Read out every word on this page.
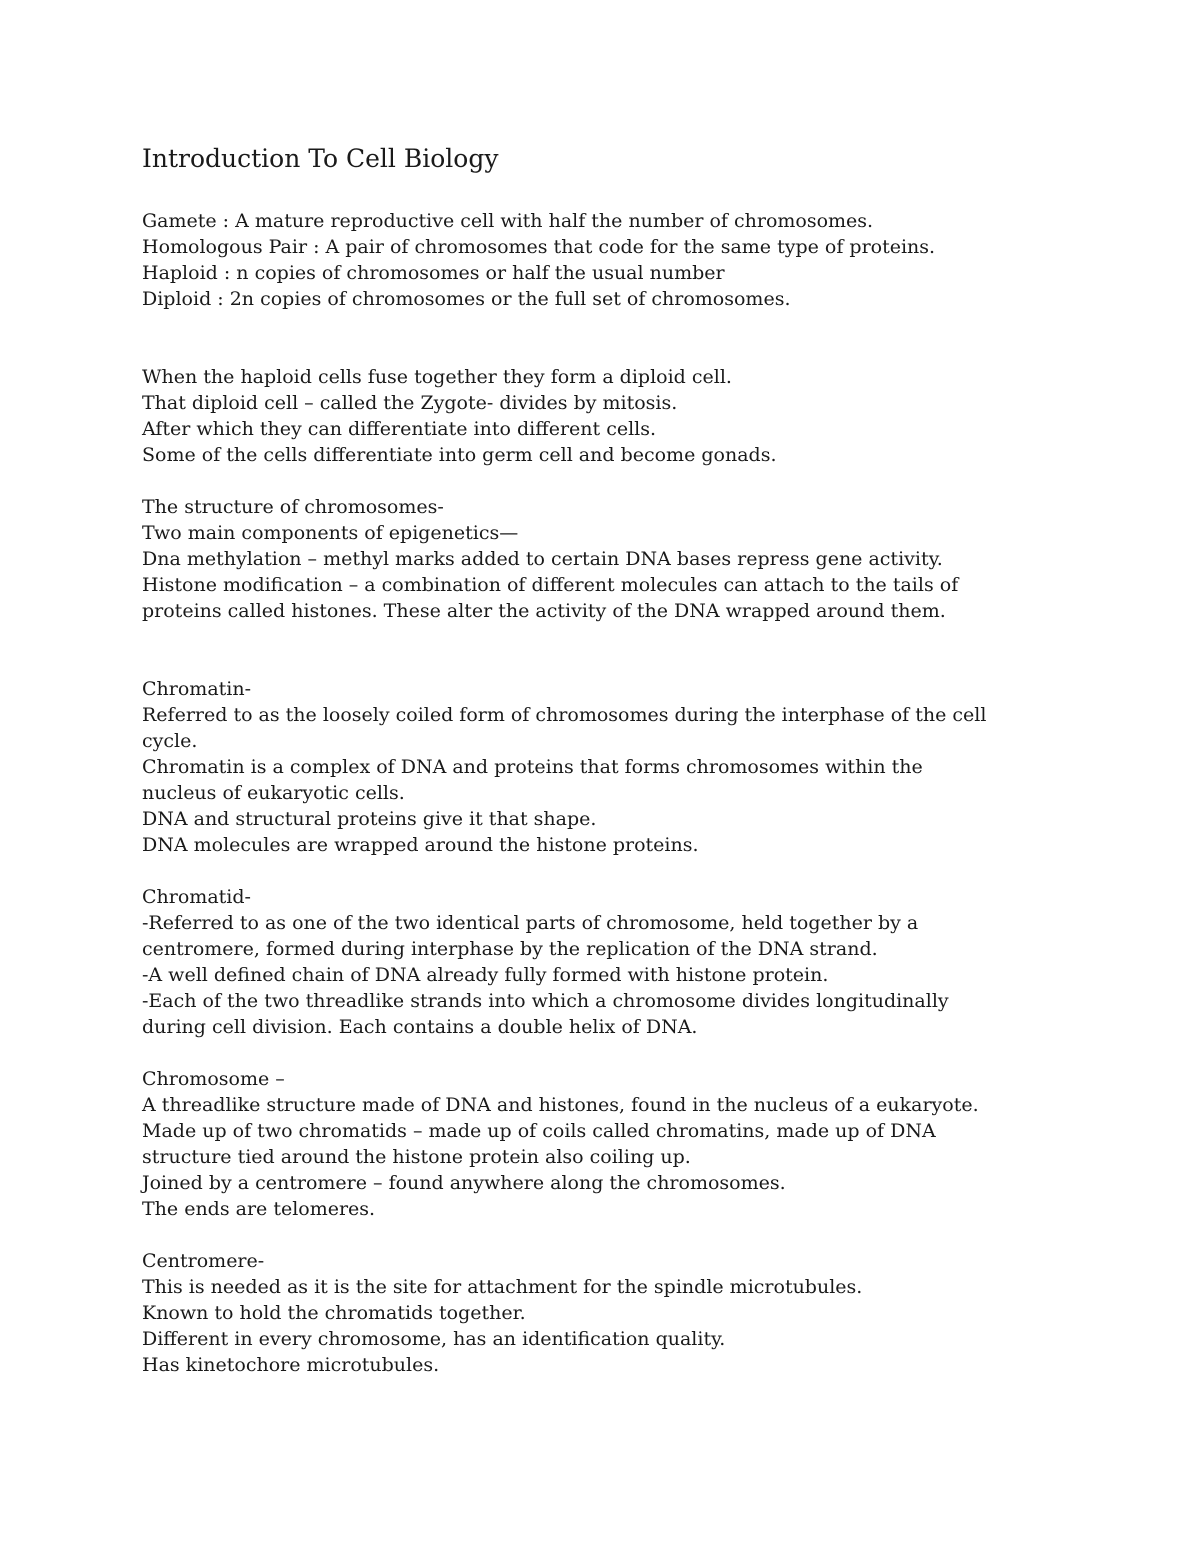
Introduction To Cell Biology
Gamete : A mature reproductive cell with half the number of chromosomes.
Homologous Pair : A pair of chromosomes that code for the same type of proteins.
Haploid : n copies of chromosomes or half the usual number
Diploid : 2n copies of chromosomes or the full set of chromosomes.
When the haploid cells fuse together they form a diploid cell.
That diploid cell – called the Zygote- divides by mitosis.
After which they can differentiate into different cells.
Some of the cells differentiate into germ cell and become gonads.
The structure of chromosomes-
Two main components of epigenetics—
Dna methylation – methyl marks added to certain DNA bases repress gene activity.
Histone modification – a combination of different molecules can attach to the tails of
proteins called histones. These alter the activity of the DNA wrapped around them.
Chromatin-
Referred to as the loosely coiled form of chromosomes during the interphase of the cell
cycle.
Chromatin is a complex of DNA and proteins that forms chromosomes within the
nucleus of eukaryotic cells.
DNA and structural proteins give it that shape.
DNA molecules are wrapped around the histone proteins.
Chromatid-
-Referred to as one of the two identical parts of chromosome, held together by a
centromere, formed during interphase by the replication of the DNA strand.
-A well defined chain of DNA already fully formed with histone protein.
-Each of the two threadlike strands into which a chromosome divides longitudinally
during cell division. Each contains a double helix of DNA.
Chromosome –
A threadlike structure made of DNA and histones, found in the nucleus of a eukaryote.
Made up of two chromatids – made up of coils called chromatins, made up of DNA
structure tied around the histone protein also coiling up.
Joined by a centromere – found anywhere along the chromosomes.
The ends are telomeres.
Centromere-
This is needed as it is the site for attachment for the spindle microtubules.
Known to hold the chromatids together.
Different in every chromosome, has an identification quality.
Has kinetochore microtubules.
